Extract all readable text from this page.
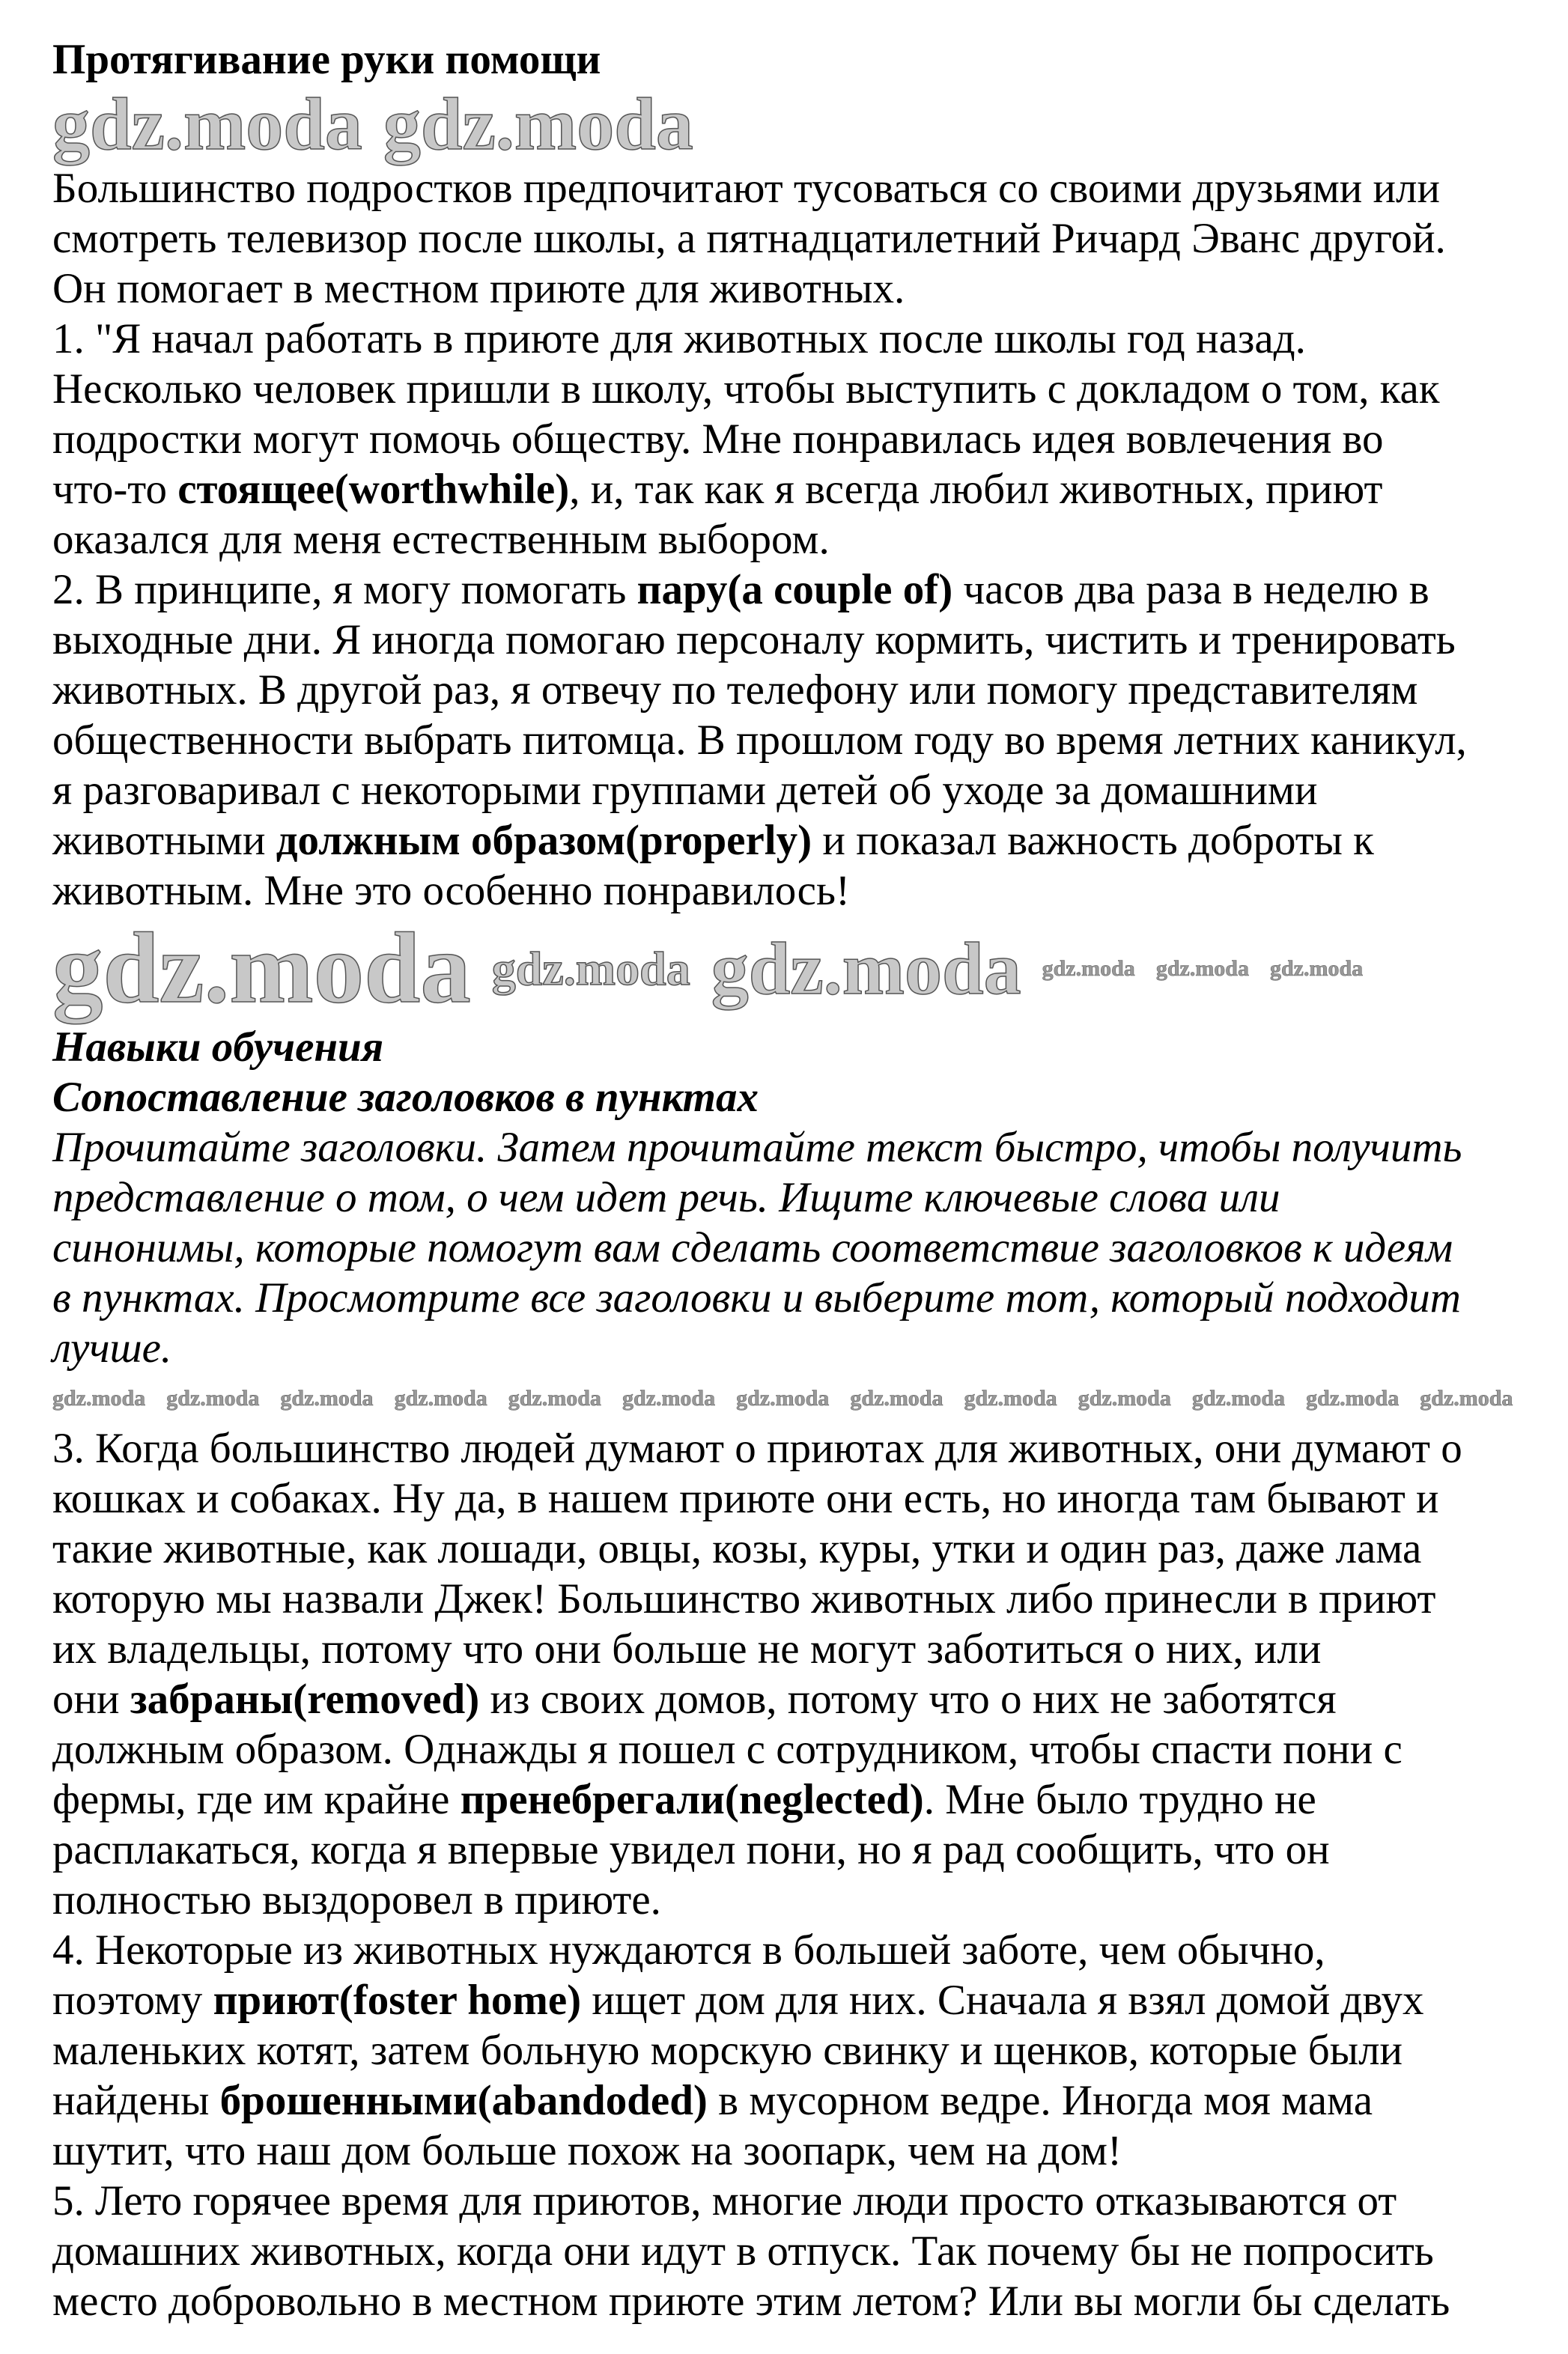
Протягивание руки помощи
gdz.moda gdz.moda
Большинство подростков предпочитают тусоваться со своими друзьями или
смотреть телевизор после школы, а пятнадцатилетний Ричард Эванс другой.
Он помогает в местном приюте для животных.
1. "Я начал работать в приюте для животных после школы год назад.
Несколько человек пришли в школу, чтобы выступить с докладом о том, как
подростки могут помочь обществу. Мне понравилась идея вовлечения во
что-то стоящее(worthwhile), и, так как я всегда любил животных, приют
оказался для меня естественным выбором.
2. В принципе, я могу помогать пару(a couple of) часов два раза в неделю в
выходные дни. Я иногда помогаю персоналу кормить, чистить и тренировать
животных. В другой раз, я отвечу по телефону или помогу представителям
общественности выбрать питомца. В прошлом году во время летних каникул,
я разговаривал с некоторыми группами детей об уходе за домашними
животными должным образом(properly) и показал важность доброты к
животным. Мне это особенно понравилось!
gdz.moda gdz.moda gdz.moda gdz.moda gdz.moda gdz.moda
Навыки обучения
Сопоставление заголовков в пунктах
Прочитайте заголовки. Затем прочитайте текст быстро, чтобы получить
представление о том, о чем идет речь. Ищите ключевые слова или
синонимы, которые помогут вам сделать соответствие заголовков к идеям
в пунктах. Просмотрите все заголовки и выберите тот, который подходит
лучше.
gdz.moda gdz.moda gdz.moda gdz.moda gdz.moda gdz.moda gdz.moda gdz.moda gdz.moda gdz.moda gdz.moda gdz.moda gdz.moda
3. Когда большинство людей думают о приютах для животных, они думают о
кошках и собаках. Ну да, в нашем приюте они есть, но иногда там бывают и
такие животные, как лошади, овцы, козы, куры, утки и один раз, даже лама
которую мы назвали Джек! Большинство животных либо принесли в приют
их владельцы, потому что они больше не могут заботиться о них, или
они забраны(removed) из своих домов, потому что о них не заботятся
должным образом. Однажды я пошел с сотрудником, чтобы спасти пони с
фермы, где им крайне пренебрегали(neglected). Мне было трудно не
расплакаться, когда я впервые увидел пони, но я рад сообщить, что он
полностью выздоровел в приюте.
4. Некоторые из животных нуждаются в большей заботе, чем обычно,
поэтому приют(foster home) ищет дом для них. Сначала я взял домой двух
маленьких котят, затем больную морскую свинку и щенков, которые были
найдены брошенными(abandoded) в мусорном ведре. Иногда моя мама
шутит, что наш дом больше похож на зоопарк, чем на дом!
5. Лето горячее время для приютов, многие люди просто отказываются от
домашних животных, когда они идут в отпуск. Так почему бы не попросить
место добровольно в местном приюте этим летом? Или вы могли бы сделать
